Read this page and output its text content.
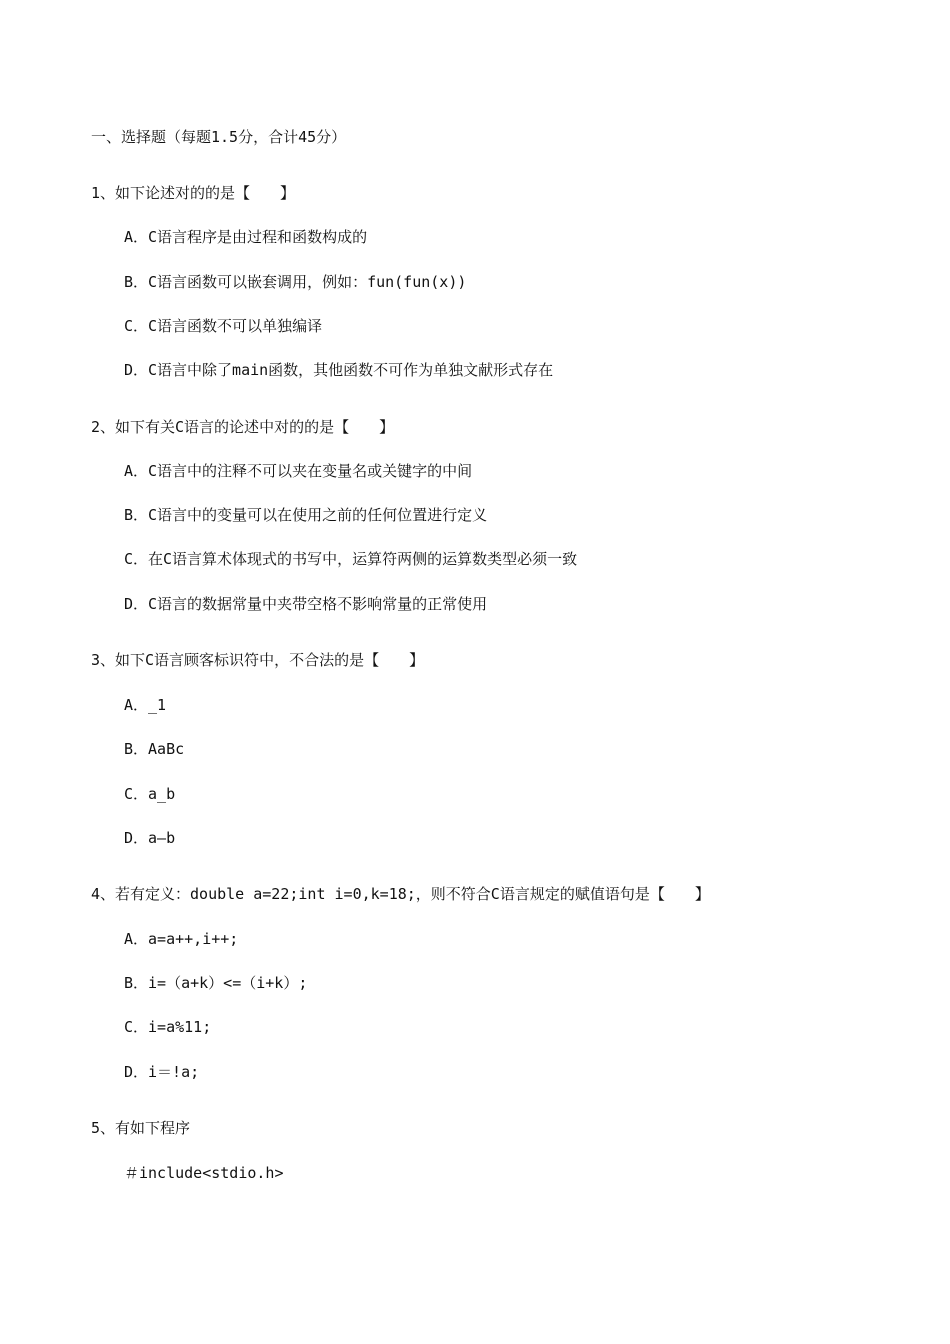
一、选择题（每题1.5分，合计45分）
1、如下论述对的的是【　　】
A．C语言程序是由过程和函数构成的
B．C语言函数可以嵌套调用，例如：fun(fun(x))
C．C语言函数不可以单独编译
D．C语言中除了main函数，其他函数不可作为单独文献形式存在
2、如下有关C语言的论述中对的的是【　　】
A．C语言中的注释不可以夹在变量名或关键字的中间
B．C语言中的变量可以在使用之前的任何位置进行定义
C．在C语言算术体现式的书写中，运算符两侧的运算数类型必须一致
D．C语言的数据常量中夹带空格不影响常量的正常使用
3、如下C语言顾客标识符中，不合法的是【　　】
A．_1
B．AaBc
C．a_b
D．a—b
4、若有定义：double a=22;int i=0,k=18;，则不符合C语言规定的赋值语句是【　　】
A．a=a++,i++;
B．i=（a+k）<=（i+k）;
C．i=a%11;
D．i＝!a;
5、有如下程序
＃include<stdio.h>
